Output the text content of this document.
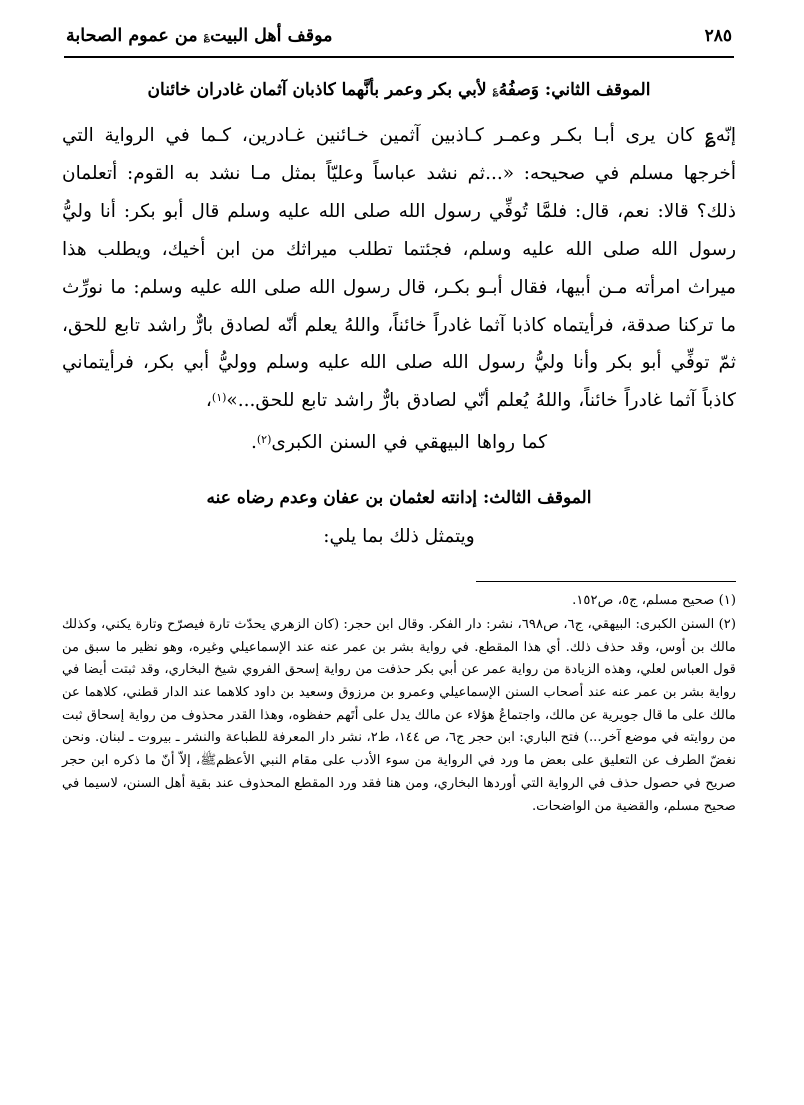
موقف أهل البيت؏ من عموم الصحابة	٢٨٥
الموقف الثاني: وَصفُهُ؏ لأبي بكر وعمر بأنَّهما كاذبان آثمان غادران خائنان
إنّه؏ كان يرى أبـا بكـر وعمـر كـاذبين آثمين خـائنين غـادرين، كـما في الرواية التي أخرجها مسلم في صحيحه: «...ثم نشد عباساً وعليّاً بمثل مـا نشد به القوم: أتعلمان ذلك؟ قالا: نعم، قال: فلمَّا تُوفِّي رسول الله صلى الله عليه وسلم قال أبو بكر: أنا وليُّ رسول الله صلى الله عليه وسلم، فجئتما تطلب ميراثك من ابن أخيك، ويطلب هذا ميراث امرأته مـن أبيها، فقال أبـو بكـر، قال رسول الله صلى الله عليه وسلم: ما نورِّث ما تركنا صدقة، فرأيتماه كاذبا آثما غادراً خائناً، واللهُ يعلم أنّه لصادق بارٌّ راشد تابع للحق، ثمّ توفِّي أبو بكر وأنا وليُّ رسول الله صلى الله عليه وسلم ووليُّ أبي بكر، فرأيتماني كاذباً آثما غادراً خائناً، واللهُ يُعلم أنّي لصادق بارٌّ راشد تابع للحق...»$^{(١)}$،
كما رواها البيهقي في السنن الكبرى$^{(٢)}$.
الموقف الثالث: إدانته لعثمان بن عفان وعدم رضاه عنه
ويتمثل ذلك بما يلي:
(١) صحيح مسلم، ج٥، ص١٥٢.
(٢) السنن الكبرى: البيهقي، ج٦، ص٦٩٨، نشر: دار الفكر. وقال ابن حجر: (كان الزهري يحدّث تارة فيصرّح وتارة يكني، وكذلك مالك بن أوس، وقد حذف ذلك. أي هذا المقطع. في رواية بشر بن عمر عنه عند الإسماعيلي وغيره، وهو نظير ما سبق من قول العباس لعلي، وهذه الزيادة من رواية عمر عن أبي بكر حذفت من رواية إسحق الفروي شيخ البخاري، وقد ثبتت أيضا في رواية بشر بن عمر عنه عند أصحاب السنن الإسماعيلي وعمرو بن مرزوق وسعيد بن داود كلاهما عند الدار قطني، كلاهما عن مالك على ما قال جويرية عن مالك، واجتماعُ هؤلاء عن مالك يدل على أتَهم حفظوه، وهذا القدر محذوف من رواية إسحاق ثبت من روايته في موضع آخر...) فتح الباري: ابن حجر ج٦، ص ١٤٤، ط٢، نشر دار المعرفة للطباعة والنشر ـ بيروت ـ لبنان. ونحن نغضّ الطرف عن التعليق على بعض ما ورد في الرواية من سوء الأدب على مقام النبي الأعظمﷺ، إلاّ أنّ ما ذكره ابن حجر صريح في حصول حذف في الرواية التي أوردها البخاري، ومن هنا فقد ورد المقطع المحذوف عند بقية أهل السنن، لاسيما في صحيح مسلم، والقضية من الواضحات.
